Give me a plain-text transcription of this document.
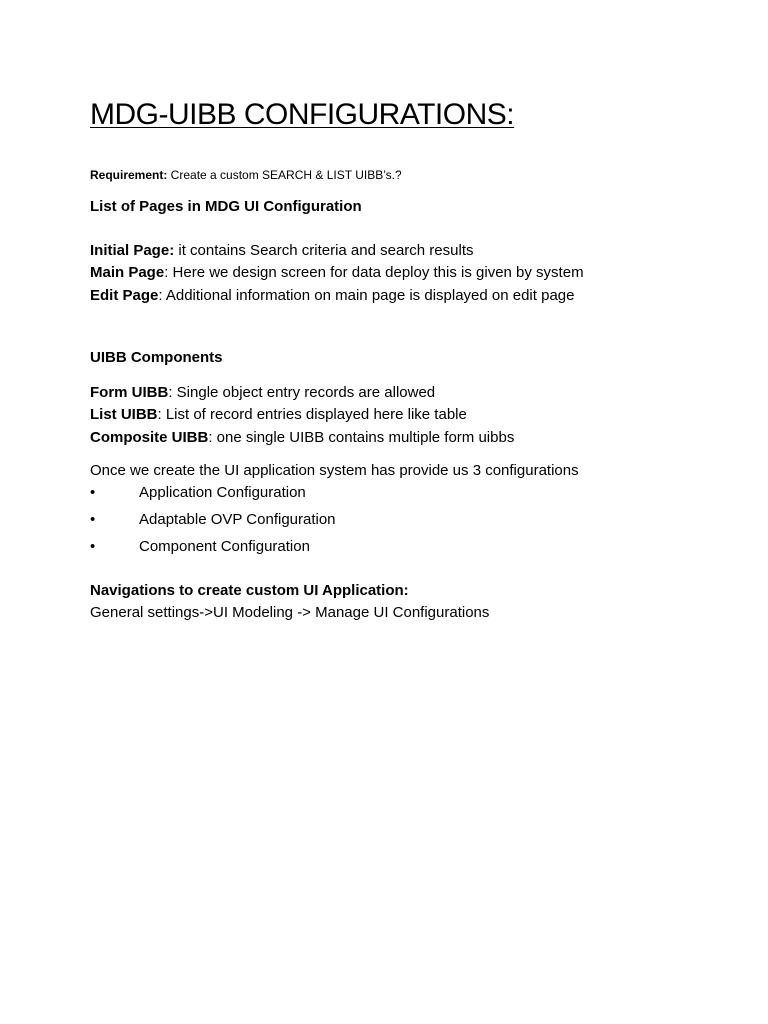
MDG-UIBB CONFIGURATIONS:
Requirement: Create a custom SEARCH & LIST UIBB’s.?
List of Pages in MDG UI Configuration
Initial Page: it contains Search criteria and search results
Main Page: Here we design screen for data deploy this is given by system
Edit Page: Additional information on main page is displayed on edit page
UIBB Components
Form UIBB: Single object entry records are allowed
List UIBB: List of record entries displayed here like table
Composite UIBB: one single UIBB contains multiple form uibbs
Once we create the UI application system has provide us 3 configurations
•	Application Configuration
•	Adaptable OVP Configuration
•	Component Configuration
Navigations to create custom UI Application:
General settings->UI Modeling -> Manage UI Configurations
